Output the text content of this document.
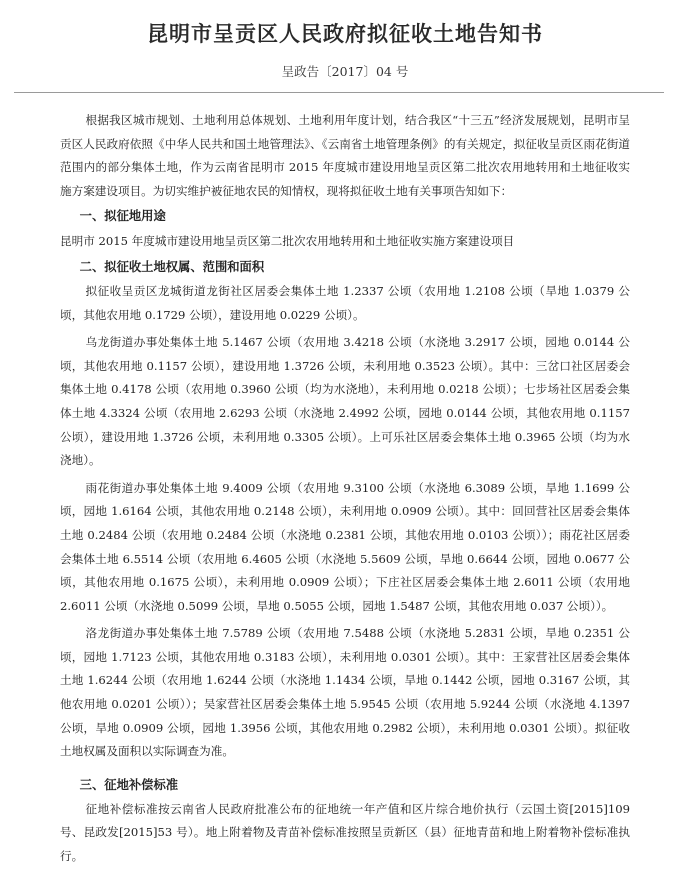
昆明市呈贡区人民政府拟征收土地告知书
呈政告〔2017〕04 号

根据我区城市规划、土地利用总体规划、土地利用年度计划，结合我区“十三五”经济发展规划，昆明市呈贡区人民政府依照《中华人民共和国土地管理法》、《云南省土地管理条例》的有关规定，拟征收呈贡区雨花街道范围内的部分集体土地，作为云南省昆明市 2015 年度城市建设用地呈贡区第二批次农用地转用和土地征收实施方案建设项目。为切实维护被征地农民的知情权，现将拟征收土地有关事项告知如下：

一、拟征地用途

昆明市 2015 年度城市建设用地呈贡区第二批次农用地转用和土地征收实施方案建设项目

二、拟征收土地权属、范围和面积

拟征收呈贡区龙城街道龙街社区居委会集体土地 1.2337 公顷（农用地 1.2108 公顷（旱地 1.0379 公顷，其他农用地 0.1729 公顷），建设用地 0.0229 公顷）。

乌龙街道办事处集体土地 5.1467 公顷（农用地 3.4218 公顷（水浇地 3.2917 公顷，园地 0.0144 公顷，其他农用地 0.1157 公顷），建设用地 1.3726 公顷，未利用地 0.3523 公顷）。其中：三岔口社区居委会集体土地 0.4178 公顷（农用地 0.3960 公顷（均为水浇地），未利用地 0.0218 公顷）；七步场社区居委会集体土地 4.3324 公顷（农用地 2.6293 公顷（水浇地 2.4992 公顷，园地 0.0144 公顷，其他农用地 0.1157 公顷），建设用地 1.3726 公顷，未利用地 0.3305 公顷）。上可乐社区居委会集体土地 0.3965 公顷（均为水浇地）。

雨花街道办事处集体土地 9.4009 公顷（农用地 9.3100 公顷（水浇地 6.3089 公顷，旱地 1.1699 公顷，园地 1.6164 公顷，其他农用地 0.2148 公顷），未利用地 0.0909 公顷）。其中：回回营社区居委会集体土地 0.2484 公顷（农用地 0.2484 公顷（水浇地 0.2381 公顷，其他农用地 0.0103 公顷））；雨花社区居委会集体土地 6.5514 公顷（农用地 6.4605 公顷（水浇地 5.5609 公顷，旱地 0.6644 公顷，园地 0.0677 公顷，其他农用地 0.1675 公顷），未利用地 0.0909 公顷）；下庄社区居委会集体土地 2.6011 公顷（农用地 2.6011 公顷（水浇地 0.5099 公顷，旱地 0.5055 公顷，园地 1.5487 公顷，其他农用地 0.037 公顷））。

洛龙街道办事处集体土地 7.5789 公顷（农用地 7.5488 公顷（水浇地 5.2831 公顷，旱地 0.2351 公顷，园地 1.7123 公顷，其他农用地 0.3183 公顷），未利用地 0.0301 公顷）。其中：王家营社区居委会集体土地 1.6244 公顷（农用地 1.6244 公顷（水浇地 1.1434 公顷，旱地 0.1442 公顷，园地 0.3167 公顷，其他农用地 0.0201 公顷））；吴家营社区居委会集体土地 5.9545 公顷（农用地 5.9244 公顷（水浇地 4.1397 公顷，旱地 0.0909 公顷，园地 1.3956 公顷，其他农用地 0.2982 公顷），未利用地 0.0301 公顷）。拟征收土地权属及面积以实际调查为准。

三、征地补偿标准

征地补偿标准按云南省人民政府批准公布的征地统一年产值和区片综合地价执行（云国土资[2015]109号、昆政发[2015]53 号）。地上附着物及青苗补偿标准按照呈贡新区（县）征地青苗和地上附着物补偿标准执行。
